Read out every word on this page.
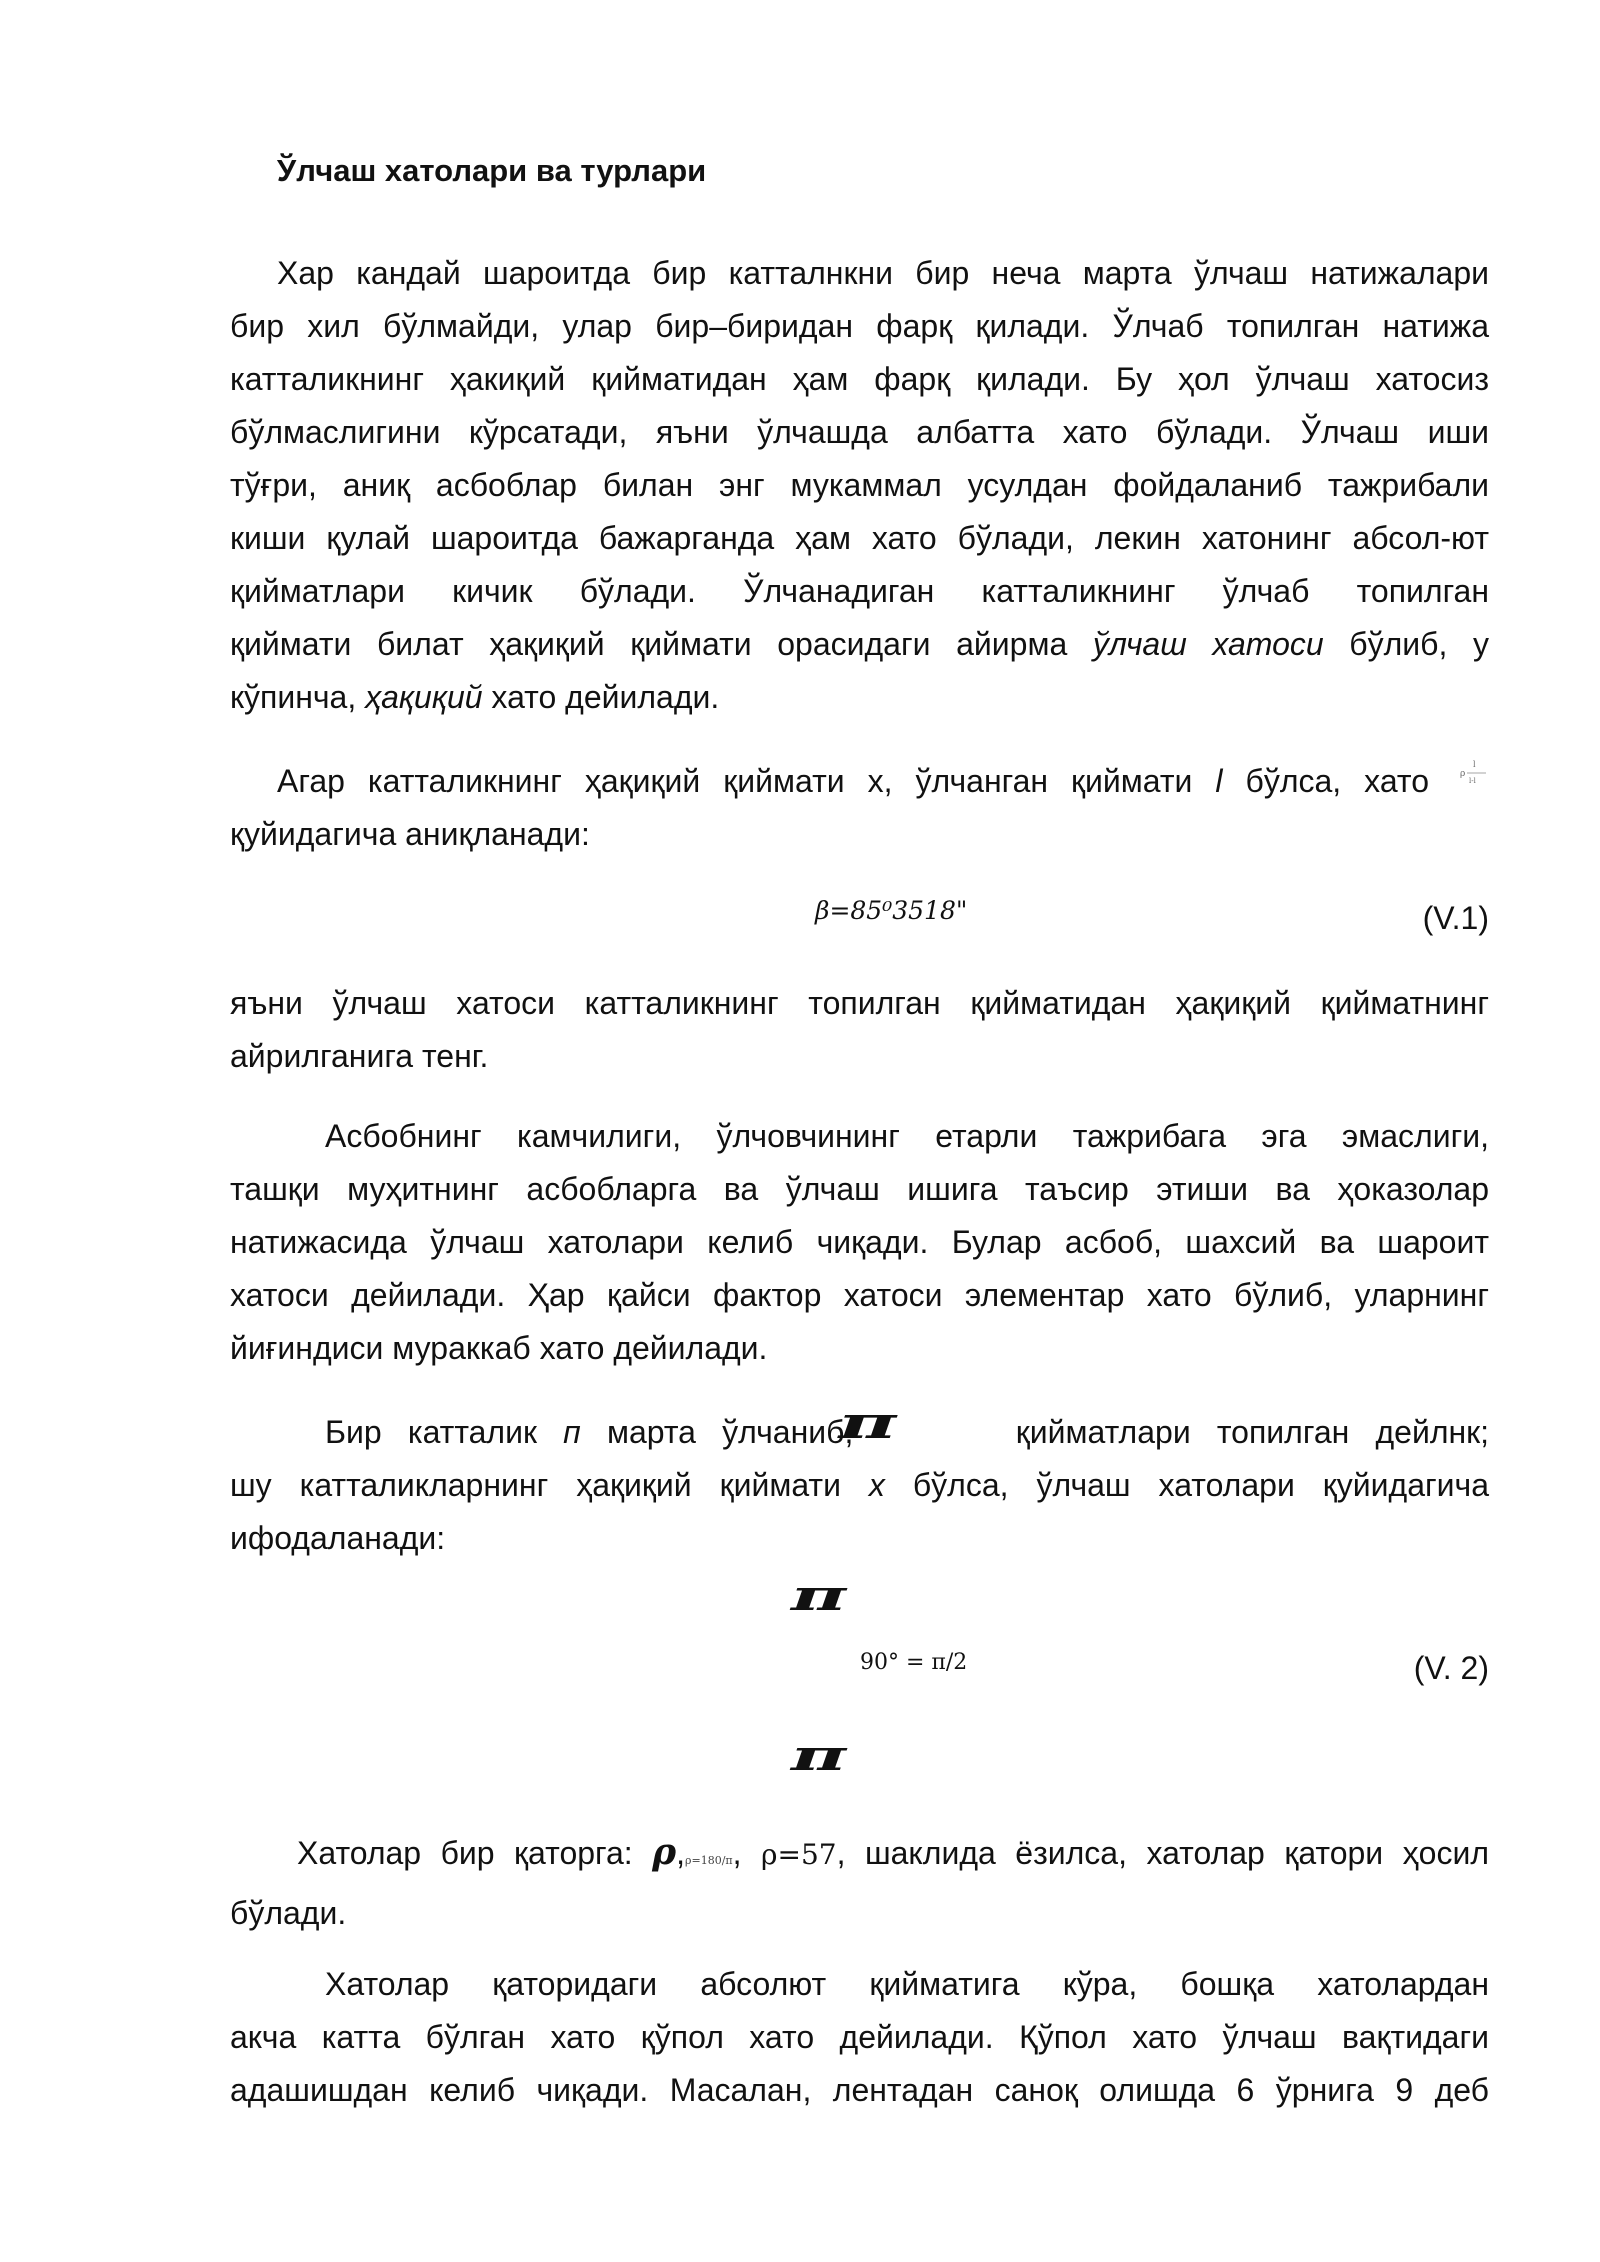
Ўлчаш хатолари ва турлари
Хар кандай шароитда бир катталнкни бир неча марта ўлчаш натижалари
бир хил бўлмайди, улар бир–биридан фарқ қилади. Ўлчаб топилган натижа
катталикнинг ҳакиқий қийматидан ҳам фарқ қилади. Бу ҳол ўлчаш хатосиз
бўлмаслигини кўрсатади, яъни ўлчашда албатта хато бўлади. Ўлчаш иши
тўғри, аниқ асбоблар билан энг мукаммал усулдан фойдаланиб тажрибали
киши қулай шароитда бажарганда ҳам хато бўлади, лекин хатонинг абсол-ют
қийматлари кичик бўлади. Ўлчанадиган катталикнинг ўлчаб топилган
қиймати билат ҳақиқий қиймати орасидаги айирма ўлчаш хатоси бўлиб, у
кўпинча, ҳақиқий хато дейилади.
Агар катталикнинг ҳақиқий қиймати х, ўлчанган қиймати l бўлса, хато
қуйидагича аниқланади:
ρ
l
l-l
β=85⁰3518"	(V.1)
яъни ўлчаш хатоси катталикнинг топилган қийматидан ҳақиқий қийматнинг
айрилганига тенг.
Асбобнинг камчилиги, ўлчовчининг етарли тажрибага эга эмаслиги,
ташқи муҳитнинг асбобларга ва ўлчаш ишига таъсир этиши ва ҳоказолар
натижасида ўлчаш хатолари келиб чиқади. Булар асбоб, шахсий ва шароит
хатоси дейилади. Ҳар қайси фактор хатоси элементар хато бўлиб, уларнинг
йиғиндиси мураккаб хато дейилади.
Бир катталик п марта ўлчаниб,	қийматлари топилган дейлнк;
шу катталикларнинг ҳақиқий қиймати х бўлса, ўлчаш хатолари қуйидагича
ифодаланади:
π
π
90° = π/2	(V. 2)
π
Хатолар бир қаторга: ρ,ρ=180/π, ρ=57, шаклида ёзилса, хатолар қатори ҳосил
бўлади.
Хатолар қаторидаги абсолют қийматига кўра, бошқа хатолардан
акча катта бўлган хато қўпол хато дейилади. Қўпол хато ўлчаш вақтидаги
адашишдан келиб чиқади. Масалан, лентадан саноқ олишда 6 ўрнига 9 деб
